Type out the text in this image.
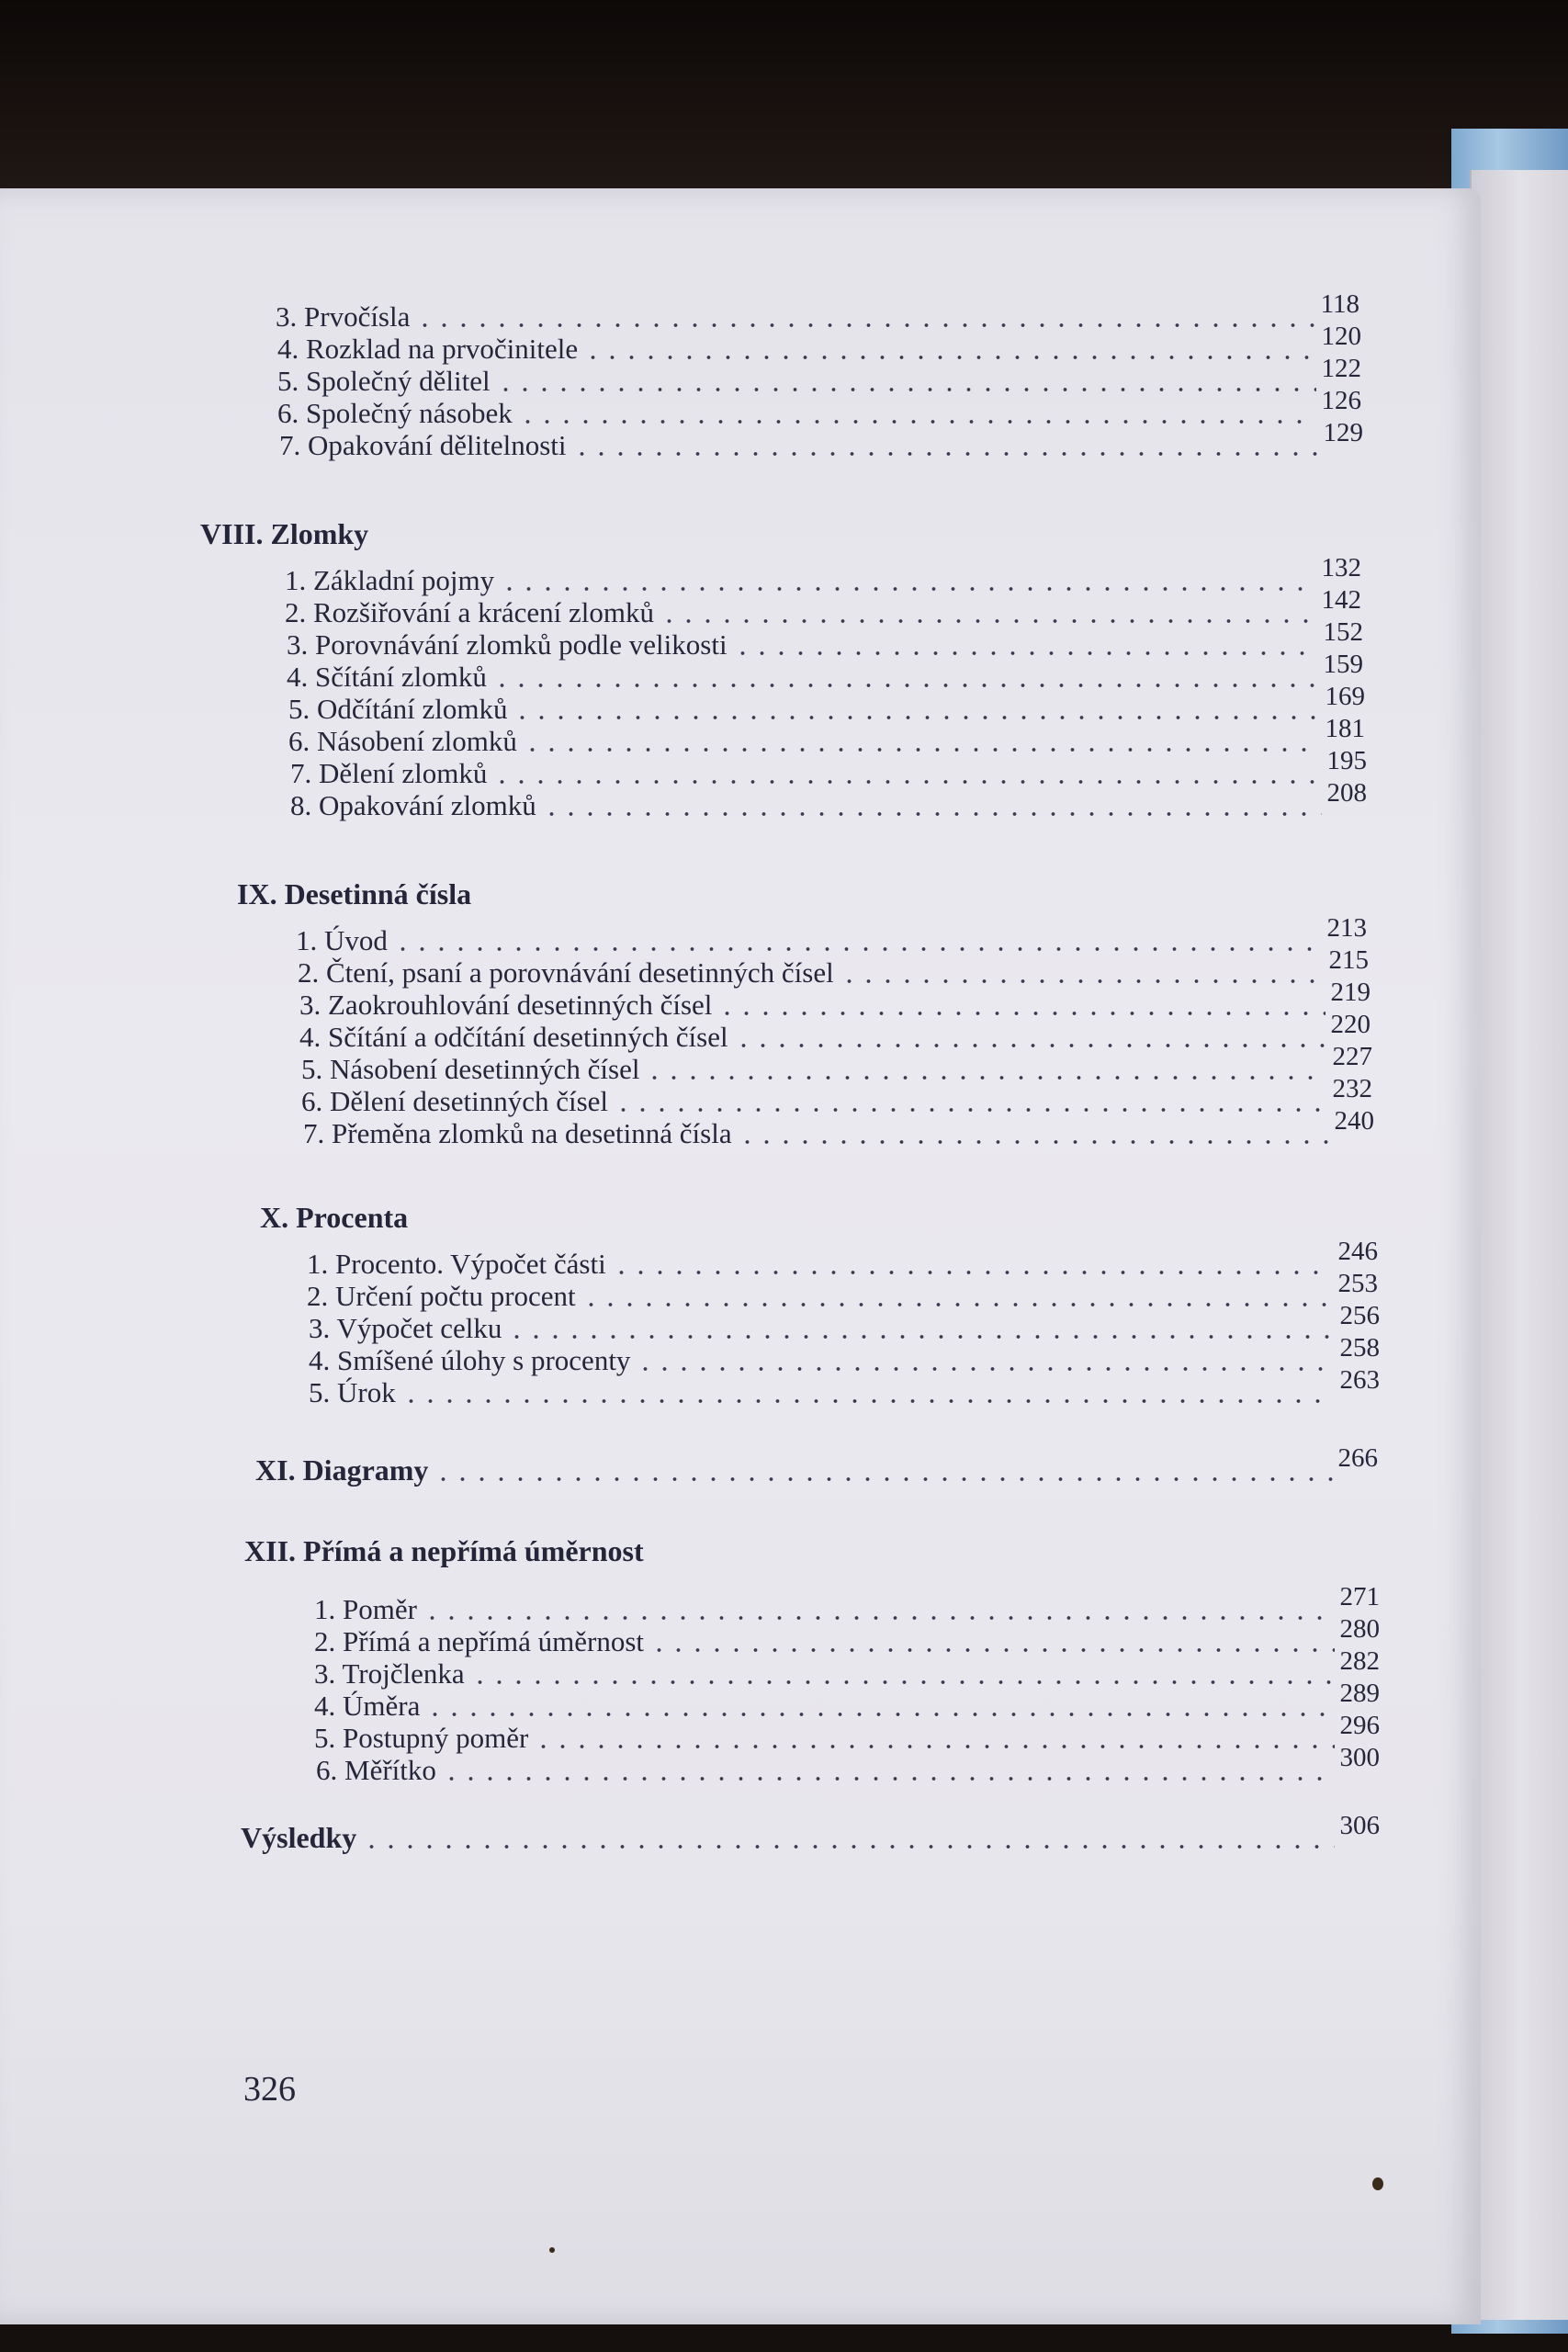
3. Prvočísla	118
4. Rozklad na prvočinitele	120
5. Společný dělitel	122
6. Společný násobek	126
7. Opakování dělitelnosti	129
VIII. Zlomky
1. Základní pojmy	132
2. Rozšiřování a krácení zlomků	142
3. Porovnávání zlomků podle velikosti	152
4. Sčítání zlomků	159
5. Odčítání zlomků	169
6. Násobení zlomků	181
7. Dělení zlomků	195
8. Opakování zlomků	208
IX. Desetinná čísla
1. Úvod	213
2. Čtení, psaní a porovnávání desetinných čísel	215
3. Zaokrouhlování desetinných čísel	219
4. Sčítání a odčítání desetinných čísel	220
5. Násobení desetinných čísel	227
6. Dělení desetinných čísel	232
7. Přeměna zlomků na desetinná čísla	240
X. Procenta
1. Procento. Výpočet části	246
2. Určení počtu procent	253
3. Výpočet celku	256
4. Smíšené úlohy s procenty	258
5. Úrok	263
XI. Diagramy	266
XII. Přímá a nepřímá úměrnost
1. Poměr	271
2. Přímá a nepřímá úměrnost	280
3. Trojčlenka	282
4. Úměra	289
5. Postupný poměr	296
6. Měřítko	300
Výsledky	306
326
